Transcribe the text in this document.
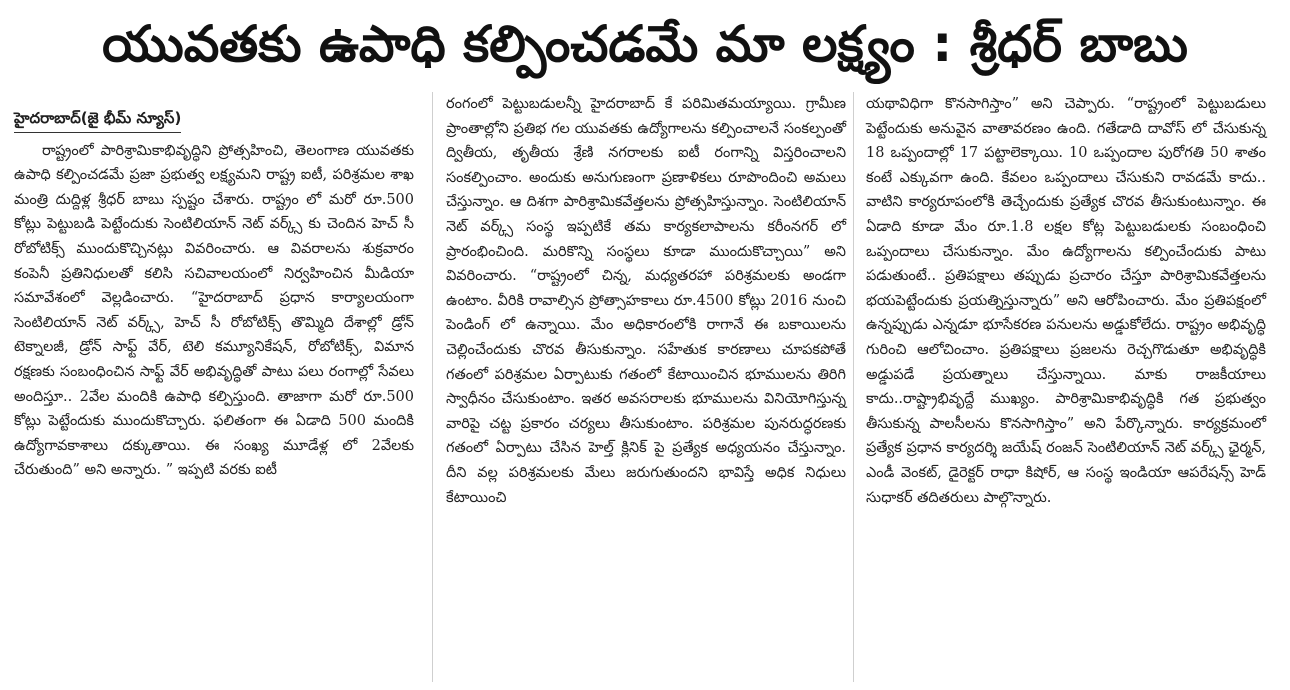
యువతకు ఉపాధి కల్పించడమే మా లక్ష్యం : శ్రీధర్ బాబు
హైదరాబాద్(జై భీమ్ న్యూస్)

రాష్ట్రంలో పారిశ్రామికాభివృద్ధిని ప్రోత్సహించి, తెలంగాణ యువతకు ఉపాధి కల్పించడమే ప్రజా ప్రభుత్వ లక్ష్యమని రాష్ట్ర ఐటీ, పరిశ్రమల శాఖ మంత్రి దుద్దిళ్ల శ్రీధర్ బాబు స్పష్టం చేశారు. రాష్ట్రం లో మరో రూ.500 కోట్లు పెట్టుబడి పెట్టేందుకు సెంటిలియాన్ నెట్ వర్క్స్ కు చెందిన హెచ్ సీ రోబోటిక్స్ ముందుకొచ్చినట్లు వివరించారు. ఆ వివరాలను శుక్రవారం కంపెనీ ప్రతినిధులతో కలిసి సచివాలయంలో నిర్వహించిన మీడియా సమావేశంలో వెల్లడించారు. “హైదరాబాద్ ప్రధాన కార్యాలయంగా సెంటిలియాన్ నెట్ వర్క్స్, హెచ్ సీ రోబోటిక్స్ తొమ్మిది దేశాల్లో డ్రోన్ టెక్నాలజీ, డ్రోన్ సాఫ్ట్ వేర్, టెలి కమ్యూనికేషన్, రోబోటిక్స్, విమాన రక్షణకు సంబంధించిన సాఫ్ట్ వేర్ అభివృద్ధితో పాటు పలు రంగాల్లో సేవలు అందిస్తూ.. 2వేల మందికి ఉపాధి కల్పిస్తుంది. తాజాగా మరో రూ.500 కోట్లు పెట్టేందుకు ముందుకొచ్చారు. ఫలితంగా ఈ ఏడాది 500 మందికి ఉద్యోగావకాశాలు దక్కుతాయి. ఈ సంఖ్య మూడేళ్ల లో 2వేలకు చేరుతుంది” అని అన్నారు. ” ఇప్పటి వరకు ఐటీ

రంగంలో పెట్టుబడులన్నీ హైదరాబాద్ కే పరిమితమయ్యాయి. గ్రామీణ ప్రాంతాల్లోని ప్రతిభ గల యువతకు ఉద్యోగాలను కల్పించాలనే సంకల్పంతో ద్వితీయ, తృతీయ శ్రేణి నగరాలకు ఐటీ రంగాన్ని విస్తరించాలని సంకల్పించాం. అందుకు అనుగుణంగా ప్రణాళికలు రూపొందించి అమలు చేస్తున్నాం. ఆ దిశగా పారిశ్రామికవేత్తలను ప్రోత్సహిస్తున్నాం. సెంటిలియాన్ నెట్ వర్క్స్ సంస్థ ఇప్పటికే తమ కార్యకలాపాలను కరీంనగర్ లో ప్రారంభించింది. మరికొన్ని సంస్థలు కూడా ముందుకొచ్చాయి” అని వివరించారు. “రాష్ట్రంలో చిన్న, మధ్యతరహా పరిశ్రమలకు అండగా ఉంటాం. వీరికి రావాల్సిన ప్రోత్సాహకాలు రూ.4500 కోట్లు 2016 నుంచి పెండింగ్ లో ఉన్నాయి. మేం అధికారంలోకి రాగానే ఈ బకాయిలను చెల్లించేందుకు చొరవ తీసుకున్నాం. సహేతుక కారణాలు చూపకపోతే గతంలో పరిశ్రమల ఏర్పాటుకు గతంలో కేటాయించిన భూములను తిరిగి స్వాధీనం చేసుకుంటాం. ఇతర అవసరాలకు భూములను వినియోగిస్తున్న వారిపై చట్ట ప్రకారం చర్యలు తీసుకుంటాం. పరిశ్రమల పునరుద్ధరణకు గతంలో ఏర్పాటు చేసిన హెల్త్ క్లినిక్ పై ప్రత్యేక అధ్యయనం చేస్తున్నాం. దీని వల్ల పరిశ్రమలకు మేలు జరుగుతుందని భావిస్తే అధిక నిధులు కేటాయించి

యథావిధిగా కొనసాగిస్తాం” అని చెప్పారు. “రాష్ట్రంలో పెట్టుబడులు పెట్టేందుకు అనువైన వాతావరణం ఉంది. గతేడాది దావోస్ లో చేసుకున్న 18 ఒప్పందాల్లో 17 పట్టాలెక్కాయి. 10 ఒప్పందాల పురోగతి 50 శాతం కంటే ఎక్కువగా ఉంది. కేవలం ఒప్పందాలు చేసుకుని రావడమే కాదు.. వాటిని కార్యరూపంలోకి తెచ్చేందుకు ప్రత్యేక చొరవ తీసుకుంటున్నాం. ఈ ఏడాది కూడా మేం రూ.1.8 లక్షల కోట్ల పెట్టుబడులకు సంబంధించి ఒప్పందాలు చేసుకున్నాం. మేం ఉద్యోగాలను కల్పించేందుకు పాటు పడుతుంటే.. ప్రతిపక్షాలు తప్పుడు ప్రచారం చేస్తూ పారిశ్రామికవేత్తలను భయపెట్టేందుకు ప్రయత్నిస్తున్నారు” అని ఆరోపించారు. మేం ప్రతిపక్షంలో ఉన్నప్పుడు ఎన్నడూ భూసేకరణ పనులను అడ్డుకోలేదు. రాష్ట్రం అభివృద్ధి గురించి ఆలోచించాం. ప్రతిపక్షాలు ప్రజలను రెచ్చగొడుతూ అభివృద్ధికి అడ్డుపడే ప్రయత్నాలు చేస్తున్నాయి. మాకు రాజకీయాలు కాదు..రాష్ట్రాభివృద్దే ముఖ్యం. పారిశ్రామికాభివృద్ధికి గత ప్రభుత్వం తీసుకున్న పాలసీలను కొనసాగిస్తాం” అని పేర్కొన్నారు. కార్యక్రమంలో ప్రత్యేక ప్రధాన కార్యదర్శి జయేష్ రంజన్ సెంటిలియాన్ నెట్ వర్క్స్ ఛైర్మన్, ఎండీ వెంకట్, డైరెక్టర్ రాధా కిషోర్, ఆ సంస్థ ఇండియా ఆపరేషన్స్ హెడ్ సుధాకర్ తదితరులు పాల్గొన్నారు.
